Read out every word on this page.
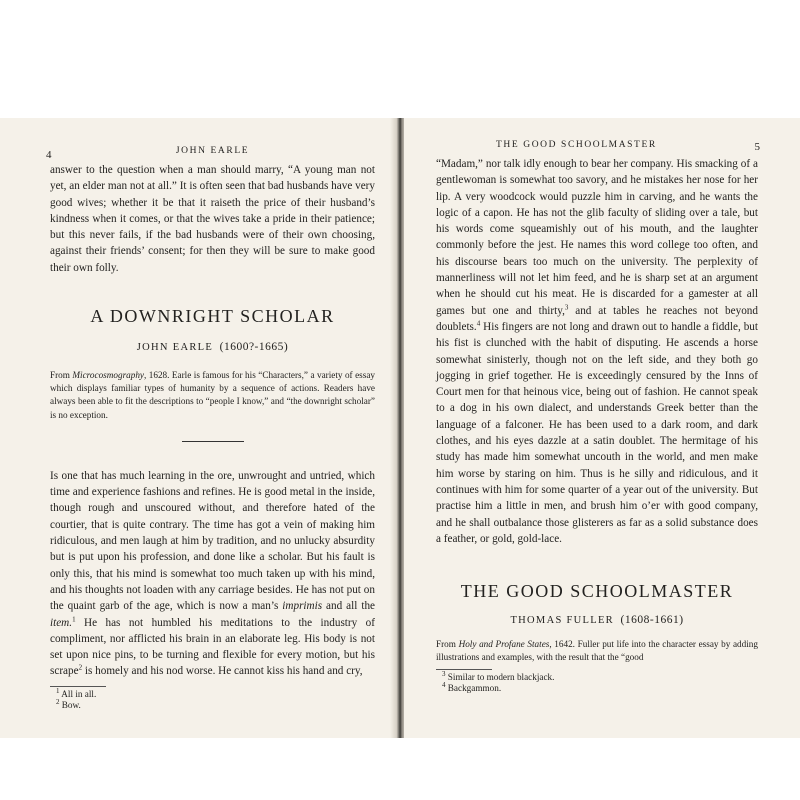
4	JOHN EARLE

answer to the question when a man should marry, “A young man not yet, an elder man not at all.” It is often seen that bad husbands have very good wives; whether it be that it raiseth the price of their husband’s kindness when it comes, or that the wives take a pride in their patience; but this never fails, if the bad husbands were of their own choosing, against their friends’ consent; for then they will be sure to make good their own folly.

A DOWNRIGHT SCHOLAR

JOHN EARLE  (1600?-1665)

From Microcosmography, 1628. Earle is famous for his “Characters,” a variety of essay which displays familiar types of humanity by a sequence of actions. Readers have always been able to fit the descriptions to “people I know,” and “the downright scholar” is no exception.

Is one that has much learning in the ore, unwrought and untried, which time and experience fashions and refines. He is good metal in the inside, though rough and unscoured without, and therefore hated of the courtier, that is quite contrary. The time has got a vein of making him ridiculous, and men laugh at him by tradition, and no unlucky absurdity but is put upon his profession, and done like a scholar. But his fault is only this, that his mind is somewhat too much taken up with his mind, and his thoughts not loaden with any carriage besides. He has not put on the quaint garb of the age, which is now a man’s imprimis and all the item.$^1$ He has not humbled his meditations to the industry of compliment, nor afflicted his brain in an elaborate leg. His body is not set upon nice pins, to be turning and flexible for every motion, but his scrape$^2$ is homely and his nod worse. He cannot kiss his hand and cry,

$^1$ All in all.
$^2$ Bow.
THE GOOD SCHOOLMASTER	5

“Madam,” nor talk idly enough to bear her company. His smacking of a gentlewoman is somewhat too savory, and he mistakes her nose for her lip. A very woodcock would puzzle him in carving, and he wants the logic of a capon. He has not the glib faculty of sliding over a tale, but his words come squeamishly out of his mouth, and the laughter commonly before the jest. He names this word college too often, and his discourse bears too much on the university. The perplexity of mannerliness will not let him feed, and he is sharp set at an argument when he should cut his meat. He is discarded for a gamester at all games but one and thirty,$^3$ and at tables he reaches not beyond doublets.$^4$ His fingers are not long and drawn out to handle a fiddle, but his fist is clunched with the habit of disputing. He ascends a horse somewhat sinisterly, though not on the left side, and they both go jogging in grief together. He is exceedingly censured by the Inns of Court men for that heinous vice, being out of fashion. He cannot speak to a dog in his own dialect, and understands Greek better than the language of a falconer. He has been used to a dark room, and dark clothes, and his eyes dazzle at a satin doublet. The hermitage of his study has made him somewhat uncouth in the world, and men make him worse by staring on him. Thus is he silly and ridiculous, and it continues with him for some quarter of a year out of the university. But practise him a little in men, and brush him o’er with good company, and he shall outbalance those glisterers as far as a solid substance does a feather, or gold, gold-lace.

THE GOOD SCHOOLMASTER

THOMAS FULLER  (1608-1661)

From Holy and Profane States, 1642. Fuller put life into the character essay by adding illustrations and examples, with the result that the “good

$^3$ Similar to modern blackjack.
$^4$ Backgammon.
